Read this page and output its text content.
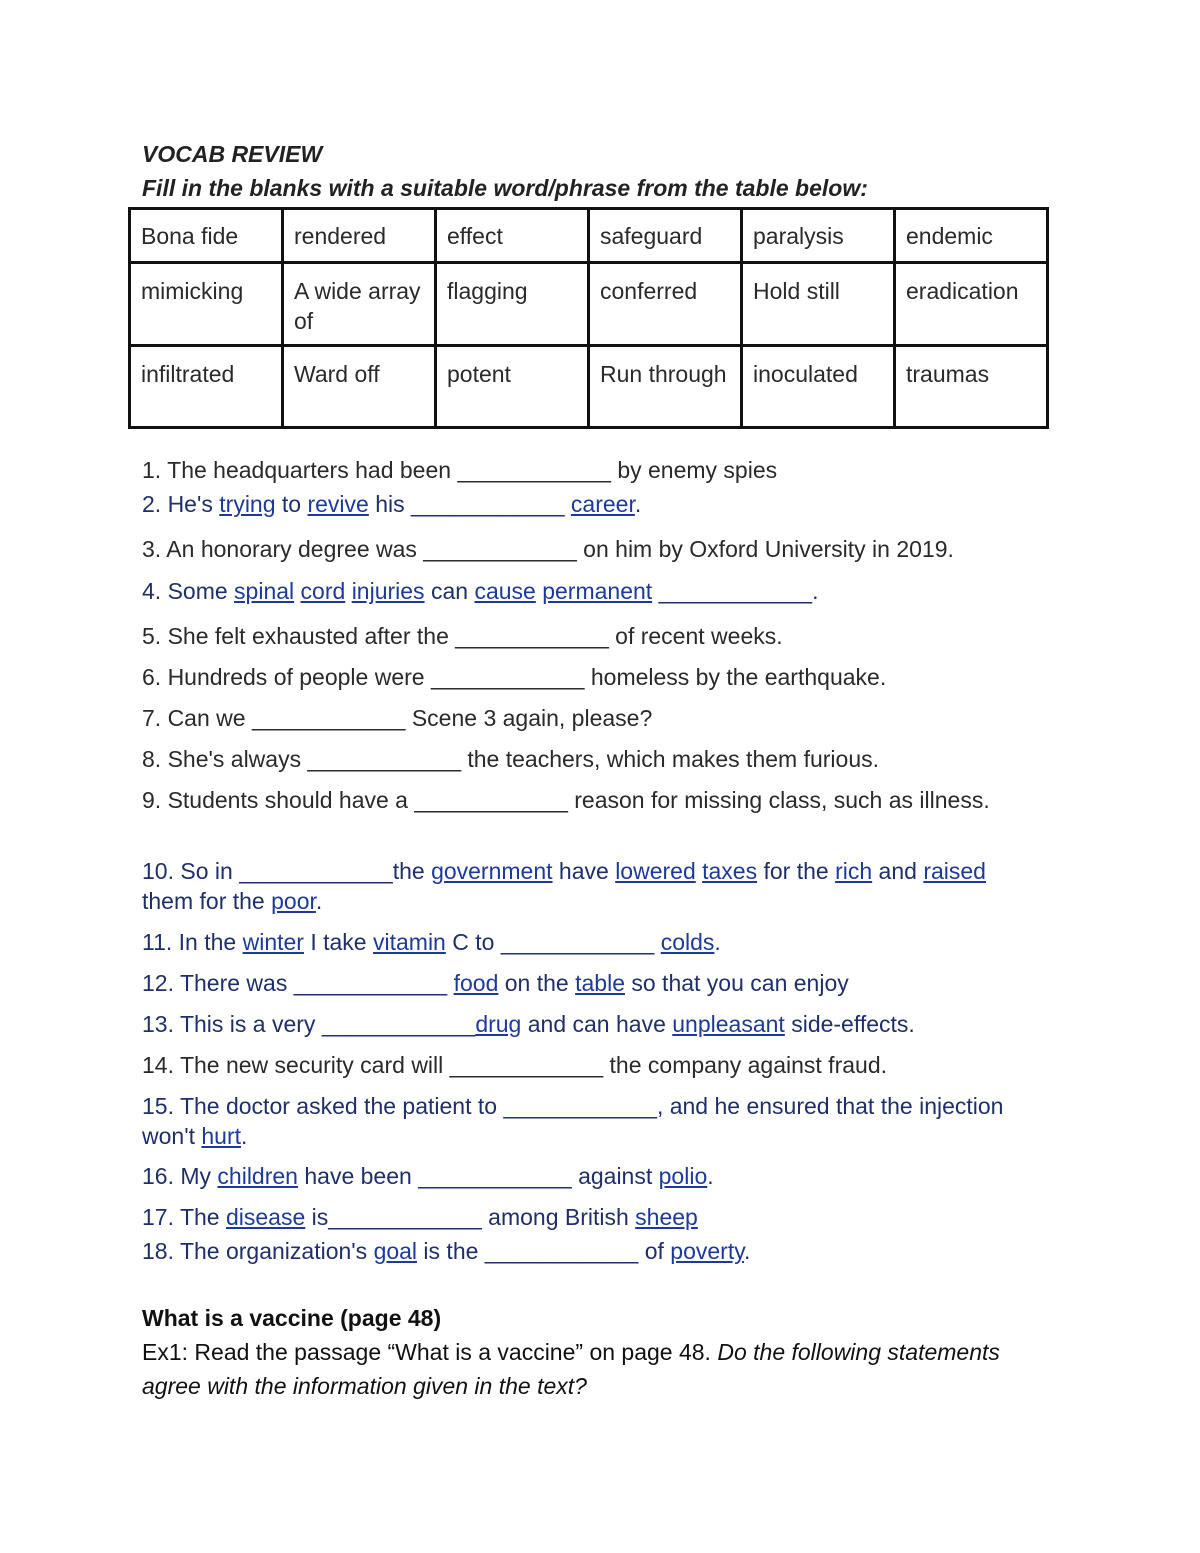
VOCAB REVIEW
Fill in the blanks with a suitable word/phrase from the table below:
Bona fide	rendered	effect	safeguard	paralysis	endemic
mimicking	A wide array of	flagging	conferred	Hold still	eradication
infiltrated	Ward off	potent	Run through	inoculated	traumas
1. The headquarters had been ____________ by enemy spies
2. He's trying to revive his ____________ career.
3. An honorary degree was ____________ on him by Oxford University in 2019.
4. Some spinal cord injuries can cause permanent ____________.
5. She felt exhausted after the ____________ of recent weeks.
6. Hundreds of people were ____________ homeless by the earthquake.
7. Can we ____________ Scene 3 again, please?
8. She's always ____________ the teachers, which makes them furious.
9. Students should have a ____________ reason for missing class, such as illness.
10. So in ____________the government have lowered taxes for the rich and raised them for the poor.
11. In the winter I take vitamin C to ____________ colds.
12. There was ____________ food on the table so that you can enjoy
13. This is a very ____________drug and can have unpleasant side-effects.
14. The new security card will ____________ the company against fraud.
15. The doctor asked the patient to ____________, and he ensured that the injection won't hurt.
16. My children have been ____________ against polio.
17. The disease is____________ among British sheep
18. The organization's goal is the ____________ of poverty.
What is a vaccine (page 48)
Ex1: Read the passage “What is a vaccine” on page 48. Do the following statements agree with the information given in the text?
